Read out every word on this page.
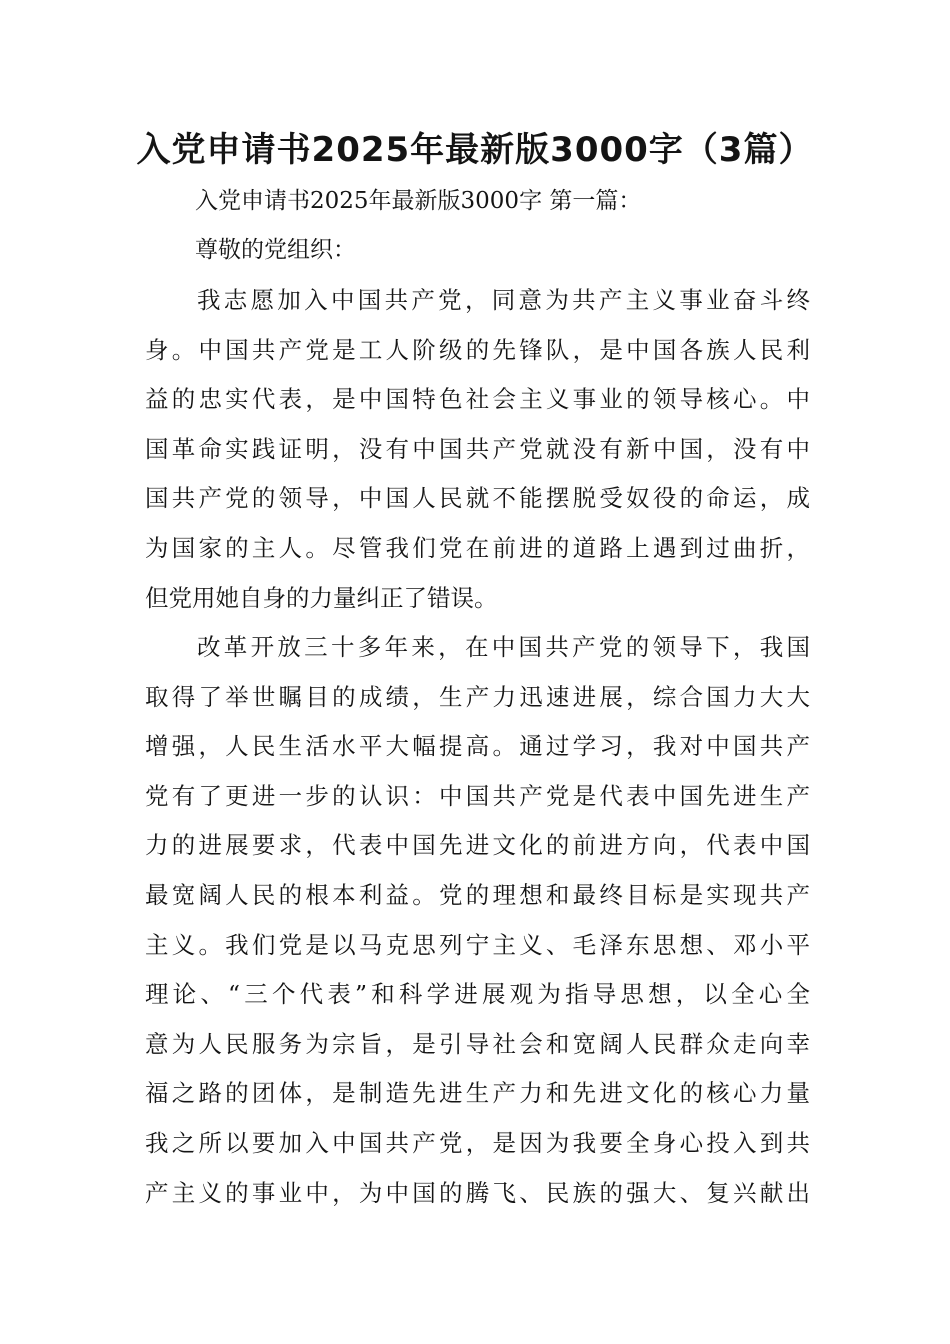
入党申请书2025年最新版3000字（3篇）

入党申请书2025年最新版3000字 第一篇：

尊敬的党组织：

我志愿加入中国共产党，同意为共产主义事业奋斗终
身。中国共产党是工人阶级的先锋队，是中国各族人民利
益的忠实代表，是中国特色社会主义事业的领导核心。中
国革命实践证明，没有中国共产党就没有新中国，没有中
国共产党的领导，中国人民就不能摆脱受奴役的命运，成
为国家的主人。尽管我们党在前进的道路上遇到过曲折，
但党用她自身的力量纠正了错误。
改革开放三十多年来，在中国共产党的领导下，我国
取得了举世瞩目的成绩，生产力迅速进展，综合国力大大
增强，人民生活水平大幅提高。通过学习，我对中国共产
党有了更进一步的认识：中国共产党是代表中国先进生产
力的进展要求，代表中国先进文化的前进方向，代表中国
最宽阔人民的根本利益。党的理想和最终目标是实现共产
主义。我们党是以马克思列宁主义、毛泽东思想、邓小平
理论、“三个代表”和科学进展观为指导思想，以全心全
意为人民服务为宗旨，是引导社会和宽阔人民群众走向幸
福之路的团体，是制造先进生产力和先进文化的核心力量
我之所以要加入中国共产党，是因为我要全身心投入到共
产主义的事业中，为中国的腾飞、民族的强大、复兴献出
